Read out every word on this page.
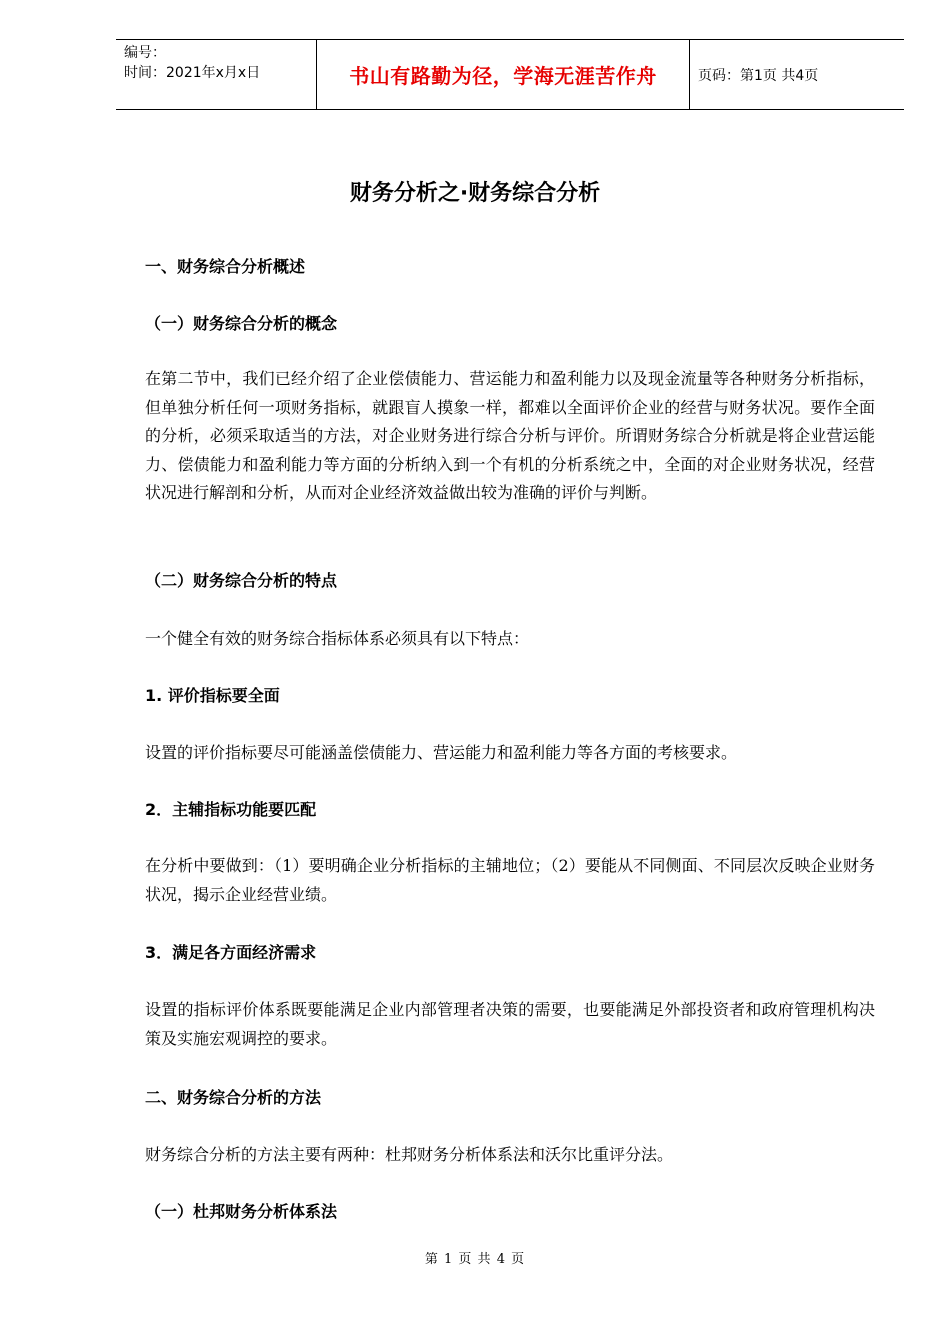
编号：
时间：2021年x月x日	书山有路勤为径，学海无涯苦作舟	页码：第1页 共4页
财务分析之·财务综合分析
一、财务综合分析概述
（一）财务综合分析的概念
在第二节中，我们已经介绍了企业偿债能力、营运能力和盈利能力以及现金流量等各种财务分析指标，但单独分析任何一项财务指标，就跟盲人摸象一样，都难以全面评价企业的经营与财务状况。要作全面的分析，必须采取适当的方法，对企业财务进行综合分析与评价。所谓财务综合分析就是将企业营运能力、偿债能力和盈利能力等方面的分析纳入到一个有机的分析系统之中，全面的对企业财务状况，经营状况进行解剖和分析，从而对企业经济效益做出较为准确的评价与判断。
（二）财务综合分析的特点
一个健全有效的财务综合指标体系必须具有以下特点：
1. 评价指标要全面
设置的评价指标要尽可能涵盖偿债能力、营运能力和盈利能力等各方面的考核要求。
2．主辅指标功能要匹配
在分析中要做到：（1）要明确企业分析指标的主辅地位；（2）要能从不同侧面、不同层次反映企业财务状况，揭示企业经营业绩。
3．满足各方面经济需求
设置的指标评价体系既要能满足企业内部管理者决策的需要，也要能满足外部投资者和政府管理机构决策及实施宏观调控的要求。
二、财务综合分析的方法
财务综合分析的方法主要有两种：杜邦财务分析体系法和沃尔比重评分法。
（一）杜邦财务分析体系法
第 1 页 共 4 页
